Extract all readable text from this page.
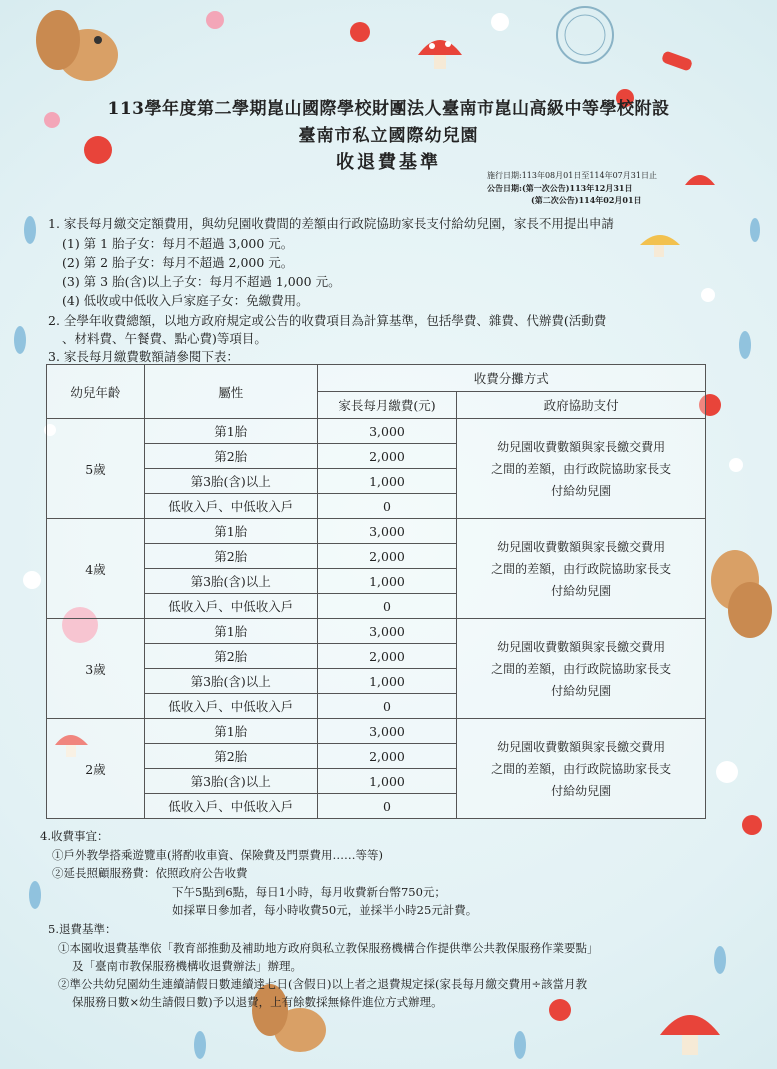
113學年度第二學期崑山國際學校財團法人臺南市崑山高級中等學校附設
臺南市私立國際幼兒園
收退費基準
施行日期:113年08月01日至114年07月31日止
公告日期:(第一次公告)113年12月31日
(第二次公告)114年02月01日
1. 家長每月繳交定額費用，與幼兒園收費間的差額由行政院協助家長支付給幼兒園，家長不用提出申請
(1) 第 1 胎子女：每月不超過 3,000 元。
(2) 第 2 胎子女：每月不超過 2,000 元。
(3) 第 3 胎(含)以上子女：每月不超過 1,000 元。
(4) 低收或中低收入戶家庭子女：免繳費用。
2. 全學年收費總額，以地方政府規定或公告的收費項目為計算基準，包括學費、雜費、代辦費(活動費
、材料費、午餐費、點心費)等項目。
3. 家長每月繳費數額請參閱下表：
幼兒年齡	屬性	收費分攤方式	
		家長每月繳費(元)	政府協助支付
5歲	第1胎	3,000	幼兒園收費數額與家長繳交費用
之間的差額，由行政院協助家長支
付給幼兒園
	第2胎	2,000	
	第3胎(含)以上	1,000	
	低收入戶、中低收入戶	0	
4歲	第1胎	3,000	幼兒園收費數額與家長繳交費用
之間的差額，由行政院協助家長支
付給幼兒園
	第2胎	2,000	
	第3胎(含)以上	1,000	
	低收入戶、中低收入戶	0	
3歲	第1胎	3,000	幼兒園收費數額與家長繳交費用
之間的差額，由行政院協助家長支
付給幼兒園
	第2胎	2,000	
	第3胎(含)以上	1,000	
	低收入戶、中低收入戶	0	
2歲	第1胎	3,000	幼兒園收費數額與家長繳交費用
之間的差額，由行政院協助家長支
付給幼兒園
	第2胎	2,000	
	第3胎(含)以上	1,000	
	低收入戶、中低收入戶	0	
4.收費事宜：
①戶外教學搭乘遊覽車(將酌收車資、保險費及門票費用……等等)
②延長照顧服務費：依照政府公告收費
下午5點到6點，每日1小時，每月收費新台幣750元；
如採單日參加者，每小時收費50元，並採半小時25元計費。
5.退費基準：
①本園收退費基準依「教育部推動及補助地方政府與私立教保服務機構合作提供準公共教保服務作業要點」
及「臺南市教保服務機構收退費辦法」辦理。
②準公共幼兒園幼生連續請假日數連續達七日(含假日)以上者之退費規定採(家長每月繳交費用÷該當月教
保服務日數×幼生請假日數)予以退費，上有餘數採無條件進位方式辦理。
